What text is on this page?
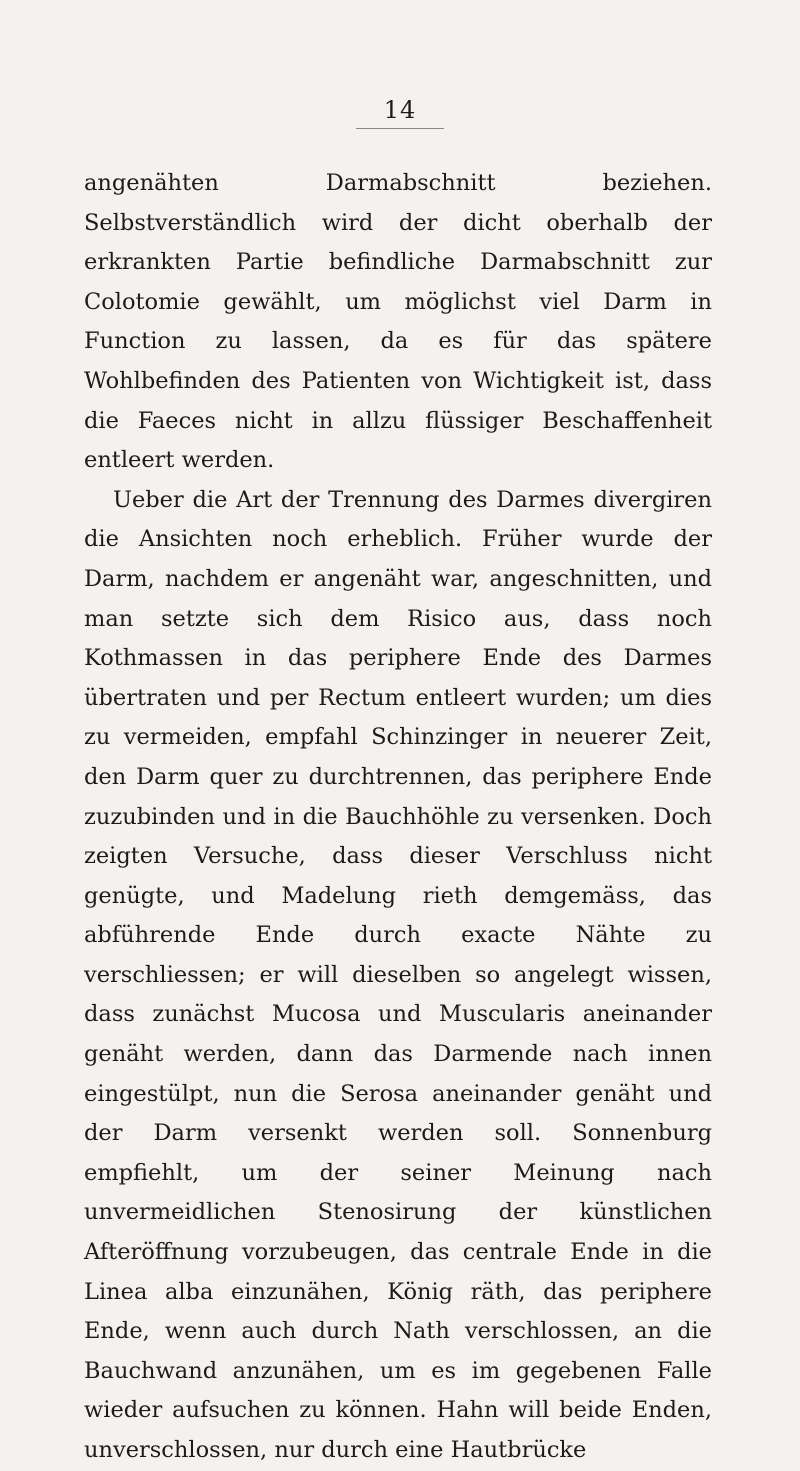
14

angenähten Darmabschnitt beziehen. Selbstverständlich wird der dicht oberhalb der erkrankten Partie befindliche Darmabschnitt zur Colotomie gewählt, um möglichst viel Darm in Function zu lassen, da es für das spätere Wohlbefinden des Patienten von Wichtigkeit ist, dass die Faeces nicht in allzu flüssiger Beschaffenheit entleert werden.

Ueber die Art der Trennung des Darmes divergiren die Ansichten noch erheblich. Früher wurde der Darm, nachdem er angenäht war, angeschnitten, und man setzte sich dem Risico aus, dass noch Kothmassen in das periphere Ende des Darmes übertraten und per Rectum entleert wurden; um dies zu vermeiden, empfahl Schinzinger in neuerer Zeit, den Darm quer zu durchtrennen, das periphere Ende zuzubinden und in die Bauchhöhle zu versenken. Doch zeigten Versuche, dass dieser Verschluss nicht genügte, und Madelung rieth demgemäss, das abführende Ende durch exacte Nähte zu verschliessen; er will dieselben so angelegt wissen, dass zunächst Mucosa und Muscularis aneinander genäht werden, dann das Darmende nach innen eingestülpt, nun die Serosa aneinander genäht und der Darm versenkt werden soll. Sonnenburg empfiehlt, um der seiner Meinung nach unvermeidlichen Stenosirung der künstlichen Afteröffnung vorzubeugen, das centrale Ende in die Linea alba einzunähen, König räth, das periphere Ende, wenn auch durch Nath verschlossen, an die Bauchwand anzunähen, um es im gegebenen Falle wieder aufsuchen zu können. Hahn will beide Enden, unverschlossen, nur durch eine Hautbrücke
